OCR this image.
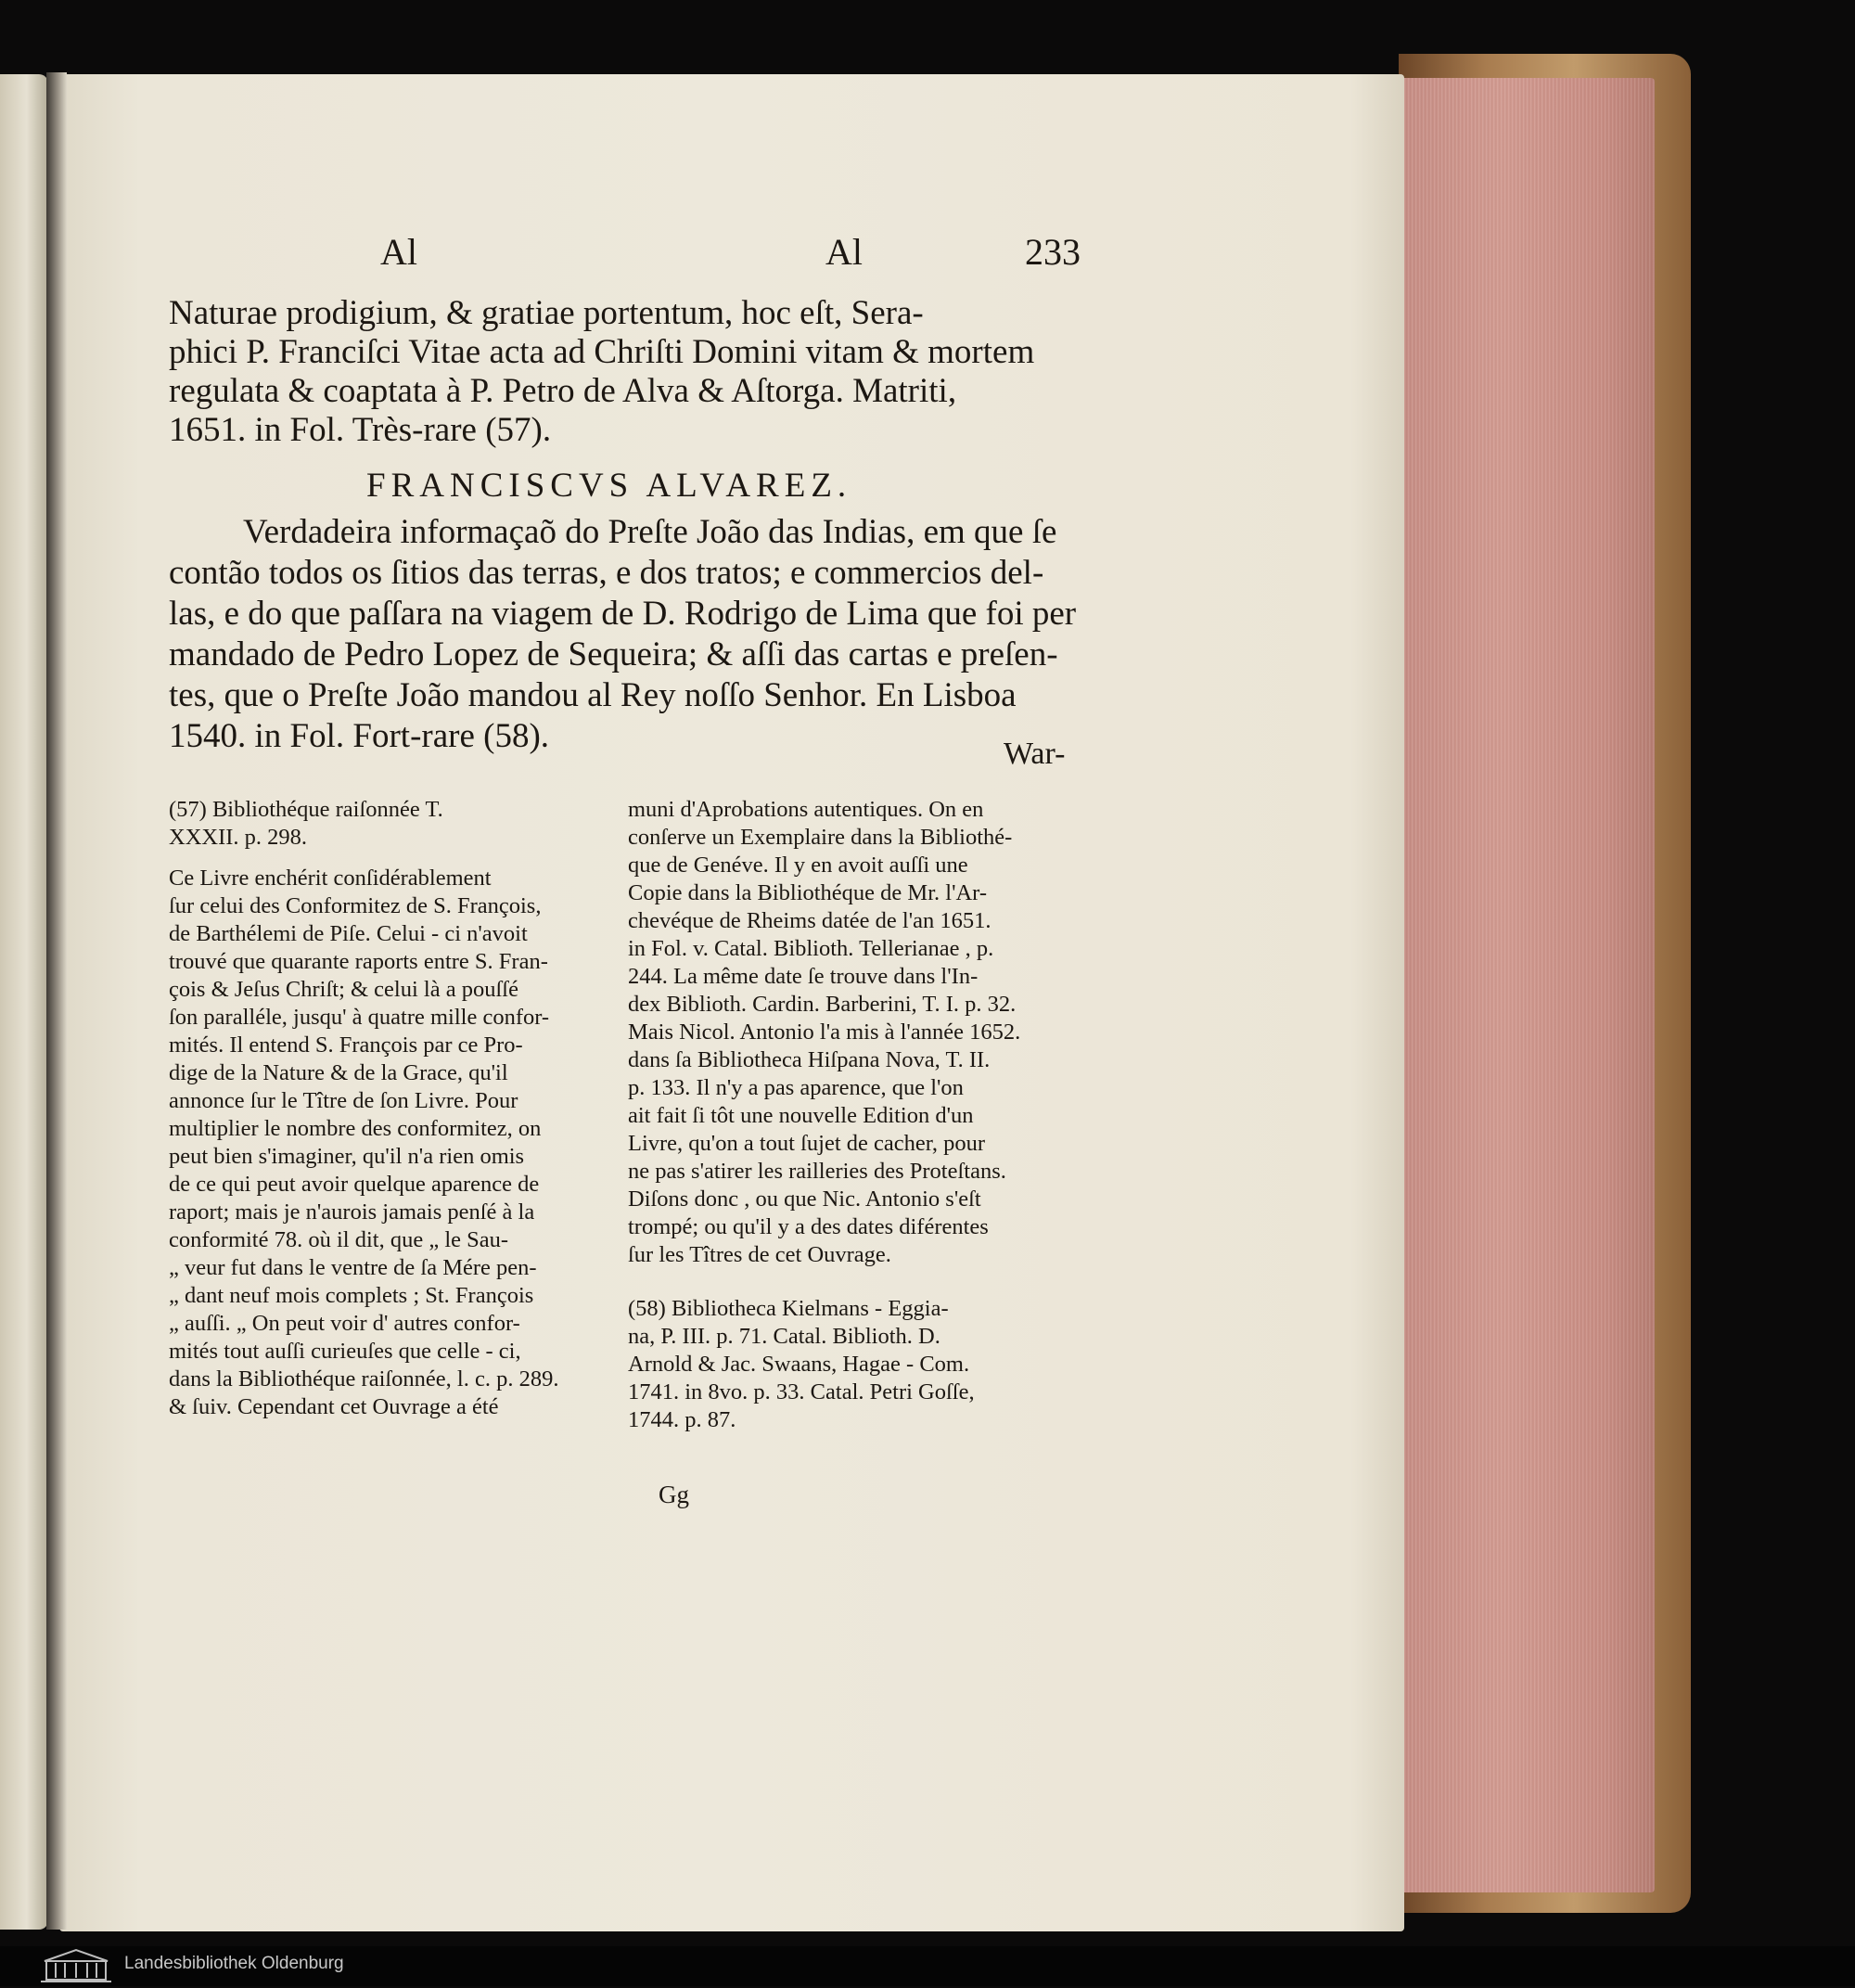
Al	Al	233
Naturae prodigium, & gratiae portentum, hoc eſt, Sera-
phici P. Franciſci Vitae acta ad Chriſti Domini vitam & mortem
regulata & coaptata à P. Petro de Alva & Aſtorga. Matriti,
1651. in Fol. Très-rare (57).
FRANCISCVS ALVAREZ.
Verdadeira informaçaõ do Preſte João das Indias, em que ſe
contão todos os ſitios das terras, e dos tratos; e commercios del-
las, e do que paſſara na viagem de D. Rodrigo de Lima que foi per
mandado de Pedro Lopez de Sequeira; & aſſi das cartas e preſen-
tes, que o Preſte João mandou al Rey noſſo Senhor. En Lisboa
1540. in Fol. Fort-rare (58).	War-
(57) Bibliothéque raiſonnée T.
XXXII. p. 298.
Ce Livre enchérit conſidérablement
ſur celui des Conformitez de S. François,
de Barthélemi de Piſe. Celui - ci n'avoit
trouvé que quarante raports entre S. Fran-
çois & Jeſus Chriſt; & celui là a pouſſé
ſon paralléle, jusqu' à quatre mille confor-
mités. Il entend S. François par ce Pro-
dige de la Nature & de la Grace, qu'il
annonce ſur le Tître de ſon Livre. Pour
multiplier le nombre des conformitez, on
peut bien s'imaginer, qu'il n'a rien omis
de ce qui peut avoir quelque aparence de
raport; mais je n'aurois jamais penſé à la
conformité 78. où il dit, que „ le Sau-
„ veur fut dans le ventre de ſa Mére pen-
„ dant neuf mois complets ; St. François
„ auſſi. „ On peut voir d' autres confor-
mités tout auſſi curieuſes que celle - ci,
dans la Bibliothéque raiſonnée, l. c. p. 289.
& ſuiv. Cependant cet Ouvrage a été
muni d'Aprobations autentiques. On en
conſerve un Exemplaire dans la Bibliothé-
que de Genéve. Il y en avoit auſſi une
Copie dans la Bibliothéque de Mr. l'Ar-
chevéque de Rheims datée de l'an 1651.
in Fol. v. Catal. Biblioth. Tellerianae , p.
244. La même date ſe trouve dans l'In-
dex Biblioth. Cardin. Barberini, T. I. p. 32.
Mais Nicol. Antonio l'a mis à l'année 1652.
dans ſa Bibliotheca Hiſpana Nova, T. II.
p. 133. Il n'y a pas aparence, que l'on
ait fait ſi tôt une nouvelle Edition d'un
Livre, qu'on a tout ſujet de cacher, pour
ne pas s'atirer les railleries des Proteſtans.
Diſons donc , ou que Nic. Antonio s'eſt
trompé; ou qu'il y a des dates diférentes
ſur les Tîtres de cet Ouvrage.
(58) Bibliotheca Kielmans - Eggia-
na, P. III. p. 71. Catal. Biblioth. D.
Arnold & Jac. Swaans, Hagae - Com.
1741. in 8vo. p. 33. Catal. Petri Goſſe,
1744. p. 87.
Gg
Landesbibliothek Oldenburg
